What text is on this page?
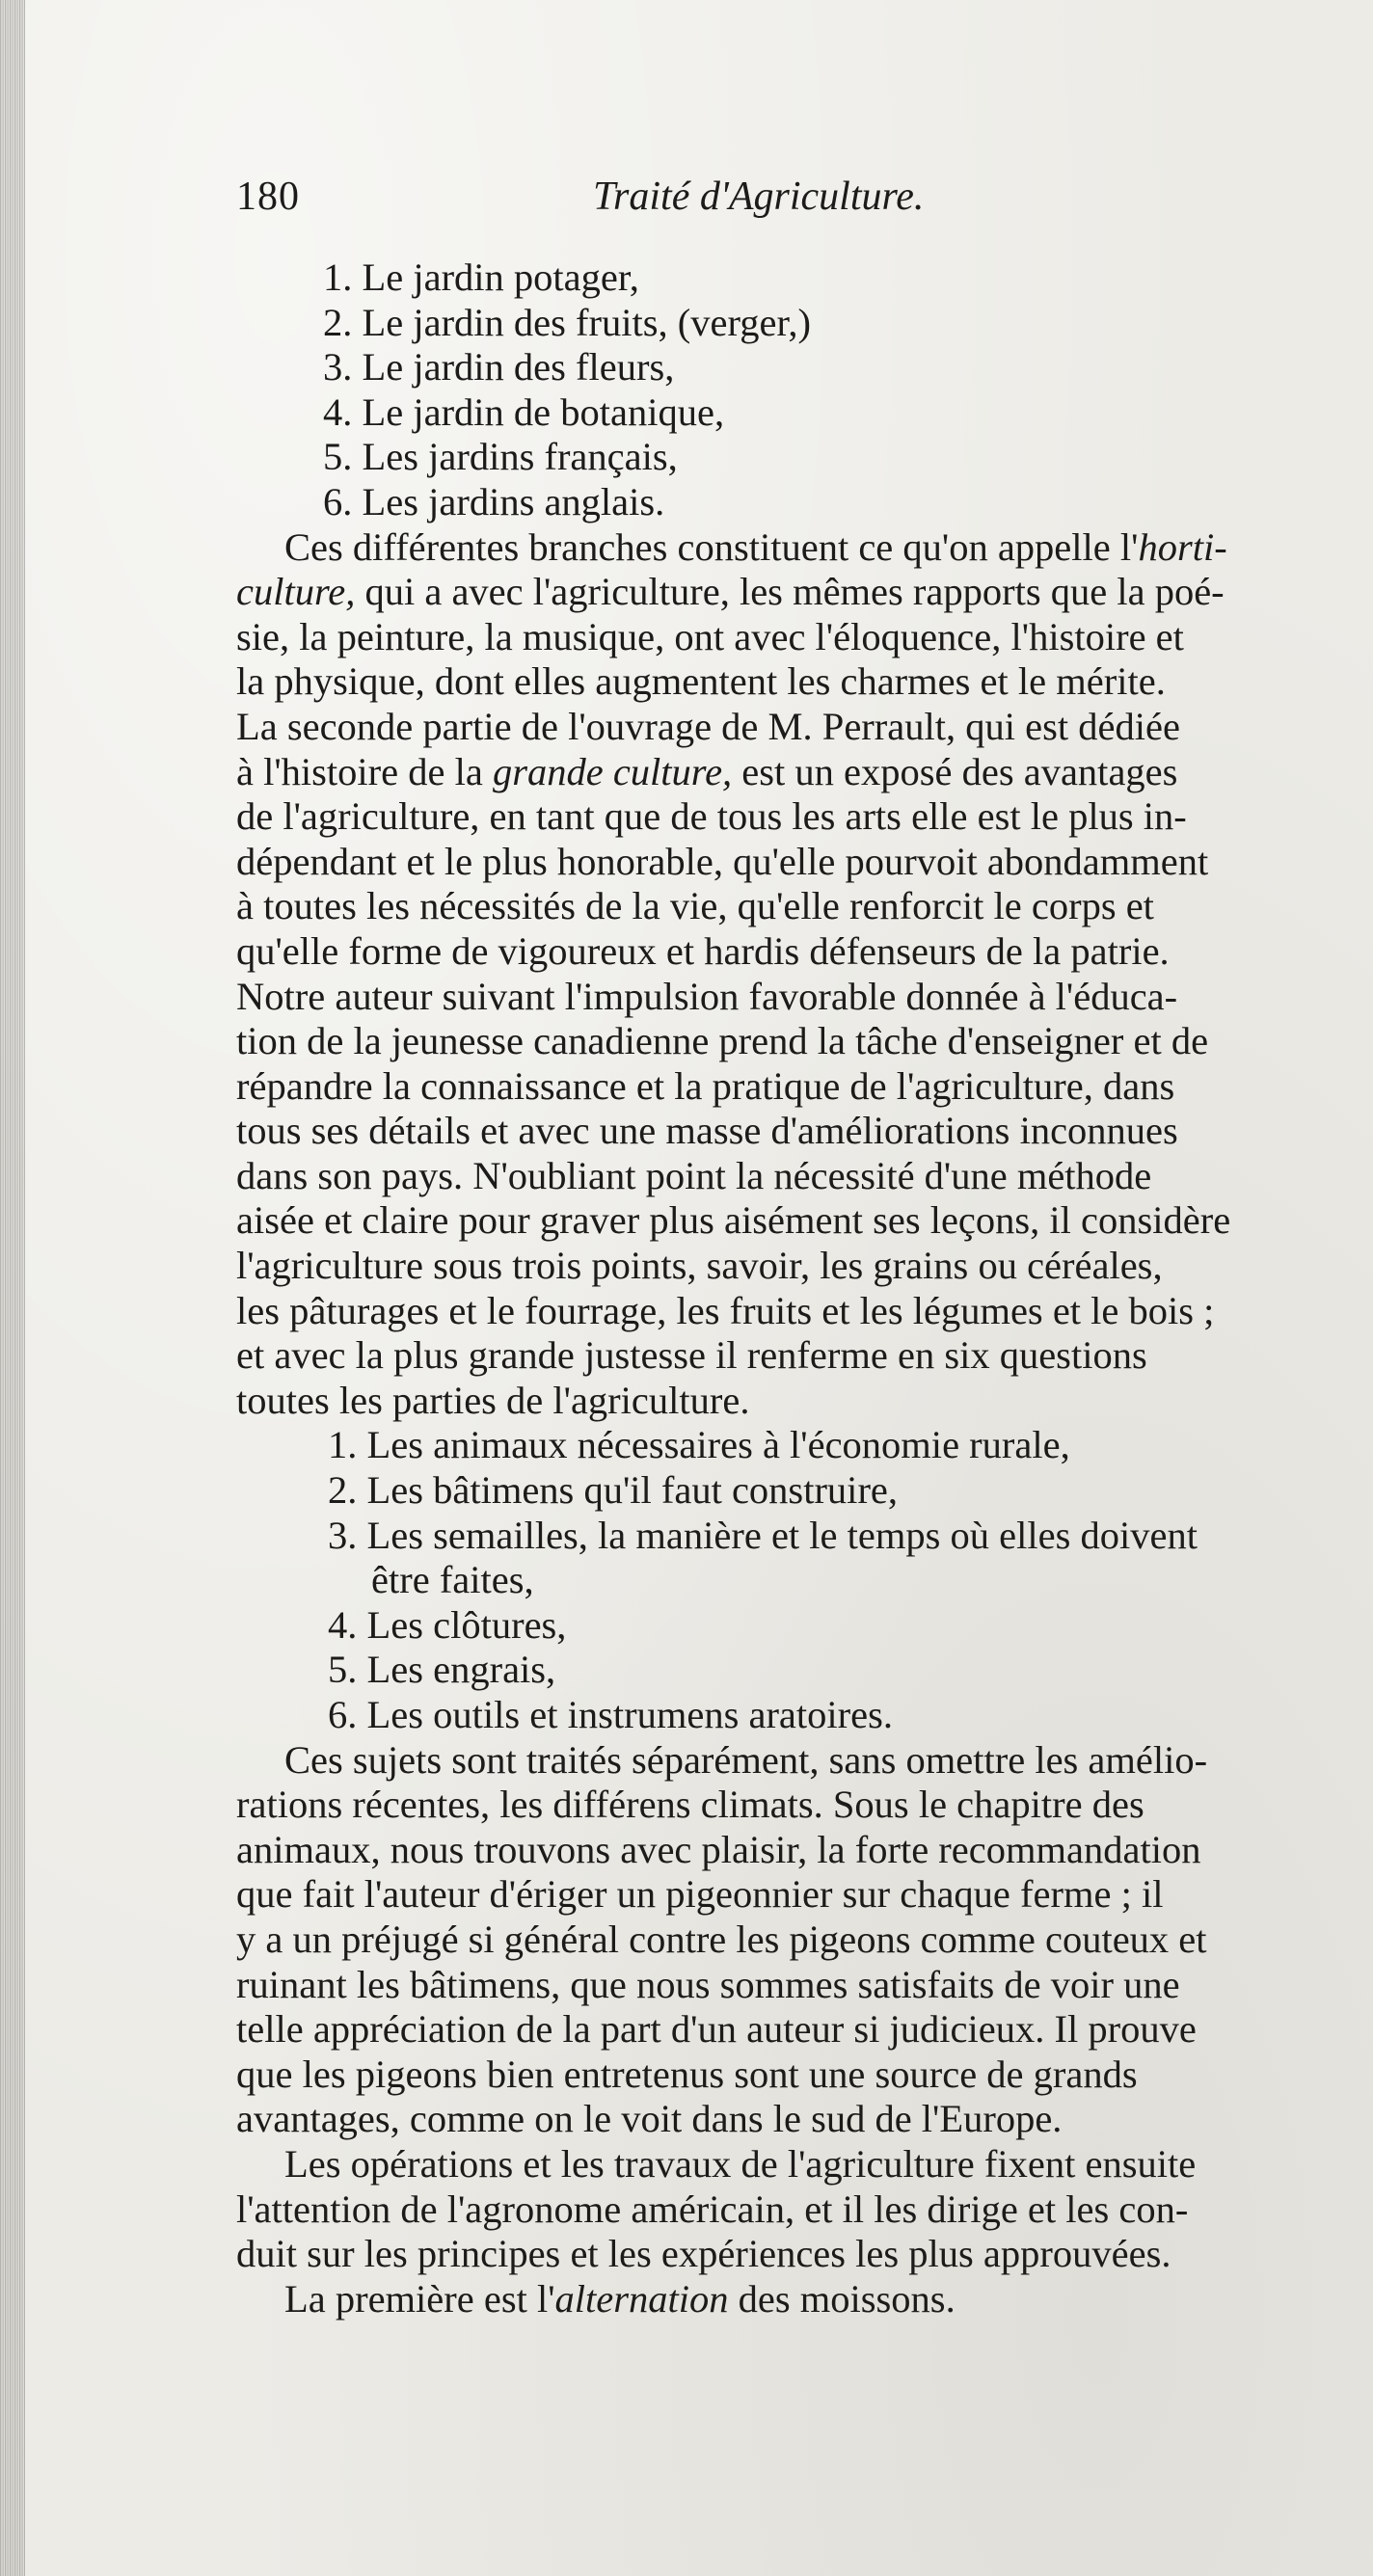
180	Traité d'Agriculture.
1. Le jardin potager,
2. Le jardin des fruits, (verger,)
3. Le jardin des fleurs,
4. Le jardin de botanique,
5. Les jardins français,
6. Les jardins anglais.
Ces différentes branches constituent ce qu'on appelle l'horti-
culture, qui a avec l'agriculture, les mêmes rapports que la poé-
sie, la peinture, la musique, ont avec l'éloquence, l'histoire et
la physique, dont elles augmentent les charmes et le mérite.
La seconde partie de l'ouvrage de M. Perrault, qui est dédiée
à l'histoire de la grande culture, est un exposé des avantages
de l'agriculture, en tant que de tous les arts elle est le plus in-
dépendant et le plus honorable, qu'elle pourvoit abondamment
à toutes les nécessités de la vie, qu'elle renforcit le corps et
qu'elle forme de vigoureux et hardis défenseurs de la patrie.
Notre auteur suivant l'impulsion favorable donnée à l'éduca-
tion de la jeunesse canadienne prend la tâche d'enseigner et de
répandre la connaissance et la pratique de l'agriculture, dans
tous ses détails et avec une masse d'améliorations inconnues
dans son pays. N'oubliant point la nécessité d'une méthode
aisée et claire pour graver plus aisément ses leçons, il considère
l'agriculture sous trois points, savoir, les grains ou céréales,
les pâturages et le fourrage, les fruits et les légumes et le bois ;
et avec la plus grande justesse il renferme en six questions
toutes les parties de l'agriculture.
1. Les animaux nécessaires à l'économie rurale,
2. Les bâtimens qu'il faut construire,
3. Les semailles, la manière et le temps où elles doivent
être faites,
4. Les clôtures,
5. Les engrais,
6. Les outils et instrumens aratoires.
Ces sujets sont traités séparément, sans omettre les amélio-
rations récentes, les différens climats. Sous le chapitre des
animaux, nous trouvons avec plaisir, la forte recommandation
que fait l'auteur d'ériger un pigeonnier sur chaque ferme ; il
y a un préjugé si général contre les pigeons comme couteux et
ruinant les bâtimens, que nous sommes satisfaits de voir une
telle appréciation de la part d'un auteur si judicieux. Il prouve
que les pigeons bien entretenus sont une source de grands
avantages, comme on le voit dans le sud de l'Europe.
Les opérations et les travaux de l'agriculture fixent ensuite
l'attention de l'agronome américain, et il les dirige et les con-
duit sur les principes et les expériences les plus approuvées.
La première est l'alternation des moissons.
